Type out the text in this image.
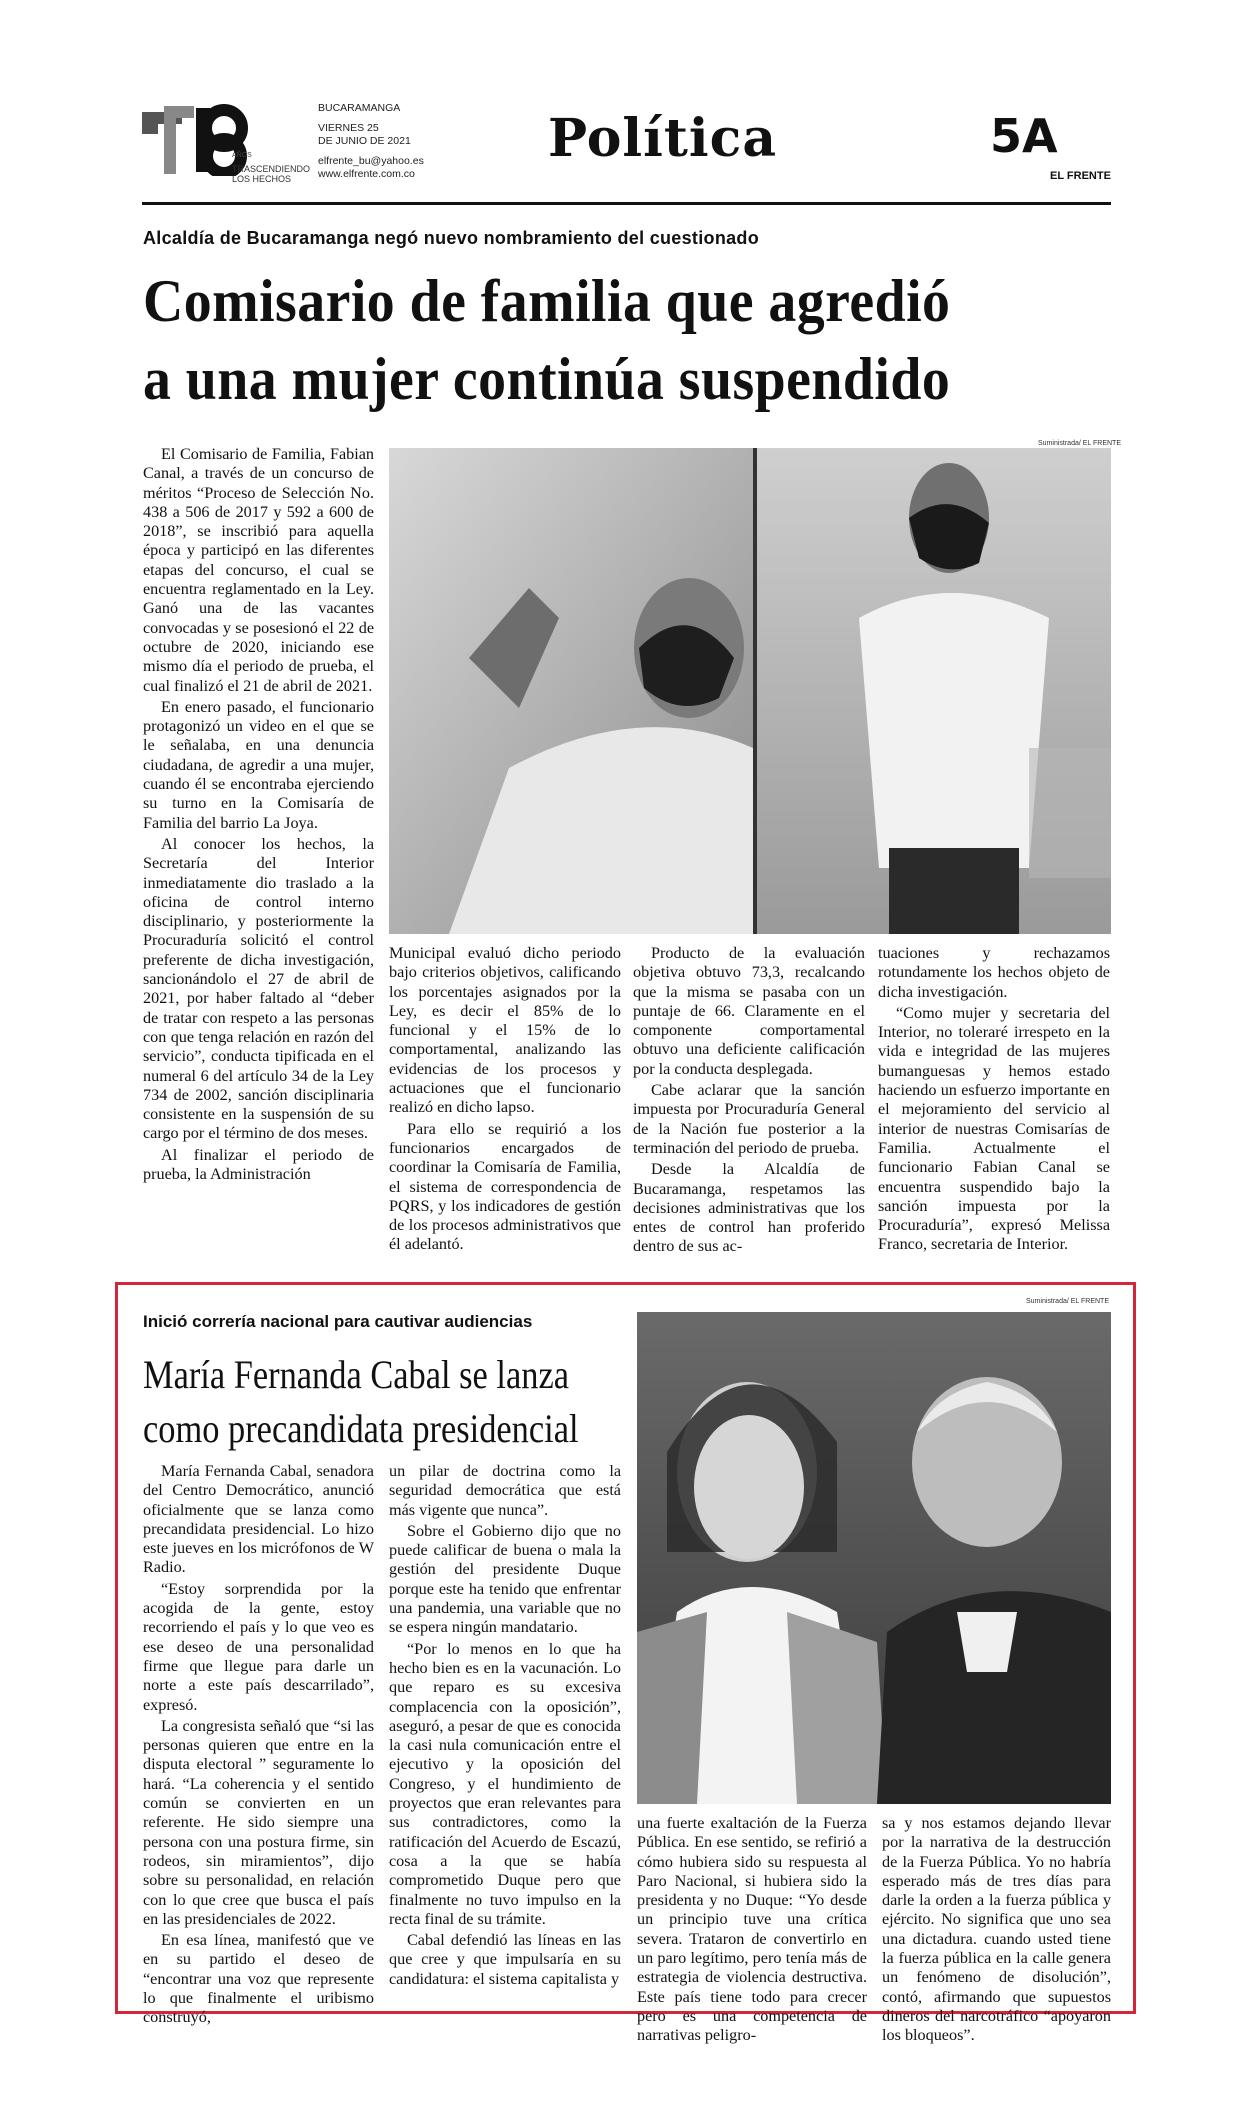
AÑOS
TRASCENDIENDO
LOS HECHOS
BUCARAMANGA
VIERNES 25
DE JUNIO DE 2021
elfrente_bu@yahoo.es
www.elfrente.com.co
Política	5A
EL FRENTE
Alcaldía de Bucaramanga negó nuevo nombramiento del cuestionado
Comisario de familia que agredió
a una mujer continúa suspendido
Suministrada/ EL FRENTE

El Comisario de Familia, Fabian Canal, a través de un concurso de méritos “Proceso de Selección No. 438 a 506 de 2017 y 592 a 600 de 2018”, se inscribió para aquella época y participó en las diferentes etapas del concurso, el cual se encuentra reglamentado en la Ley. Ganó una de las vacantes convocadas y se posesionó el 22 de octubre de 2020, iniciando ese mismo día el periodo de prueba, el cual finalizó el 21 de abril de 2021.

En enero pasado, el funcionario protagonizó un video en el que se le señalaba, en una denuncia ciudadana, de agredir a una mujer, cuando él se encontraba ejerciendo su turno en la Comisaría de Familia del barrio La Joya.

Al conocer los hechos, la Secretaría del Interior inmediatamente dio traslado a la oficina de control interno disciplinario, y posteriormente la Procuraduría solicitó el control preferente de dicha investigación, sancionándolo el 27 de abril de 2021, por haber faltado al “deber de tratar con respeto a las personas con que tenga relación en razón del servicio”, conducta tipificada en el numeral 6 del artículo 34 de la Ley 734 de 2002, sanción disciplinaria consistente en la suspensión de su cargo por el término de dos meses.

Al finalizar el periodo de prueba, la Administración

Municipal evaluó dicho periodo bajo criterios objetivos, calificando los porcentajes asignados por la Ley, es decir el 85% de lo funcional y el 15% de lo comportamental, analizando las evidencias de los procesos y actuaciones que el funcionario realizó en dicho lapso.

Para ello se requirió a los funcionarios encargados de coordinar la Comisaría de Familia, el sistema de correspondencia de PQRS, y los indicadores de gestión de los procesos administrativos que él adelantó.

Producto de la evaluación objetiva obtuvo 73,3, recalcando que la misma se pasaba con un puntaje de 66. Claramente en el componente comportamental obtuvo una deficiente calificación por la conducta desplegada.

Cabe aclarar que la sanción impuesta por Procuraduría General de la Nación fue posterior a la terminación del periodo de prueba.

Desde la Alcaldía de Bucaramanga, respetamos las decisiones administrativas que los entes de control han proferido dentro de sus ac-

tuaciones y rechazamos rotundamente los hechos objeto de dicha investigación.

“Como mujer y secretaria del Interior, no toleraré irrespeto en la vida e integridad de las mujeres bumanguesas y hemos estado haciendo un esfuerzo importante en el mejoramiento del servicio al interior de nuestras Comisarías de Familia. Actualmente el funcionario Fabian Canal se encuentra suspendido bajo la sanción impuesta por la Procuraduría”, expresó Melissa Franco, secretaria de Interior.

Inició correría nacional para cautivar audiencias
María Fernanda Cabal se lanza
como precandidata presidencial
Suministrada/ EL FRENTE

María Fernanda Cabal, senadora del Centro Democrático, anunció oficialmente que se lanza como precandidata presidencial. Lo hizo este jueves en los micrófonos de W Radio.

“Estoy sorprendida por la acogida de la gente, estoy recorriendo el país y lo que veo es ese deseo de una personalidad firme que llegue para darle un norte a este país descarrilado”, expresó.

La congresista señaló que “si las personas quieren que entre en la disputa electoral ” seguramente lo hará. “La coherencia y el sentido común se convierten en un referente. He sido siempre una persona con una postura firme, sin rodeos, sin miramientos”, dijo sobre su personalidad, en relación con lo que cree que busca el país en las presidenciales de 2022.

En esa línea, manifestó que ve en su partido el deseo de “encontrar una voz que represente lo que finalmente el uribismo construyó,

un pilar de doctrina como la seguridad democrática que está más vigente que nunca”.

Sobre el Gobierno dijo que no puede calificar de buena o mala la gestión del presidente Duque porque este ha tenido que enfrentar una pandemia, una variable que no se espera ningún mandatario.

“Por lo menos en lo que ha hecho bien es en la vacunación. Lo que reparo es su excesiva complacencia con la oposición”, aseguró, a pesar de que es conocida la casi nula comunicación entre el ejecutivo y la oposición del Congreso, y el hundimiento de proyectos que eran relevantes para sus contradictores, como la ratificación del Acuerdo de Escazú, cosa a la que se había comprometido Duque pero que finalmente no tuvo impulso en la recta final de su trámite.

Cabal defendió las líneas en las que cree y que impulsaría en su candidatura: el sistema capitalista y

una fuerte exaltación de la Fuerza Pública. En ese sentido, se refirió a cómo hubiera sido su respuesta al Paro Nacional, si hubiera sido la presidenta y no Duque: “Yo desde un principio tuve una crítica severa. Trataron de convertirlo en un paro legítimo, pero tenía más de estrategia de violencia destructiva. Este país tiene todo para crecer pero es una competencia de narrativas peligro-

sa y nos estamos dejando llevar por la narrativa de la destrucción de la Fuerza Pública. Yo no habría esperado más de tres días para darle la orden a la fuerza pública y ejército. No significa que uno sea una dictadura. cuando usted tiene la fuerza pública en la calle genera un fenómeno de disolución”, contó, afirmando que supuestos dineros del narcotráfico “apoyaron los bloqueos”.
